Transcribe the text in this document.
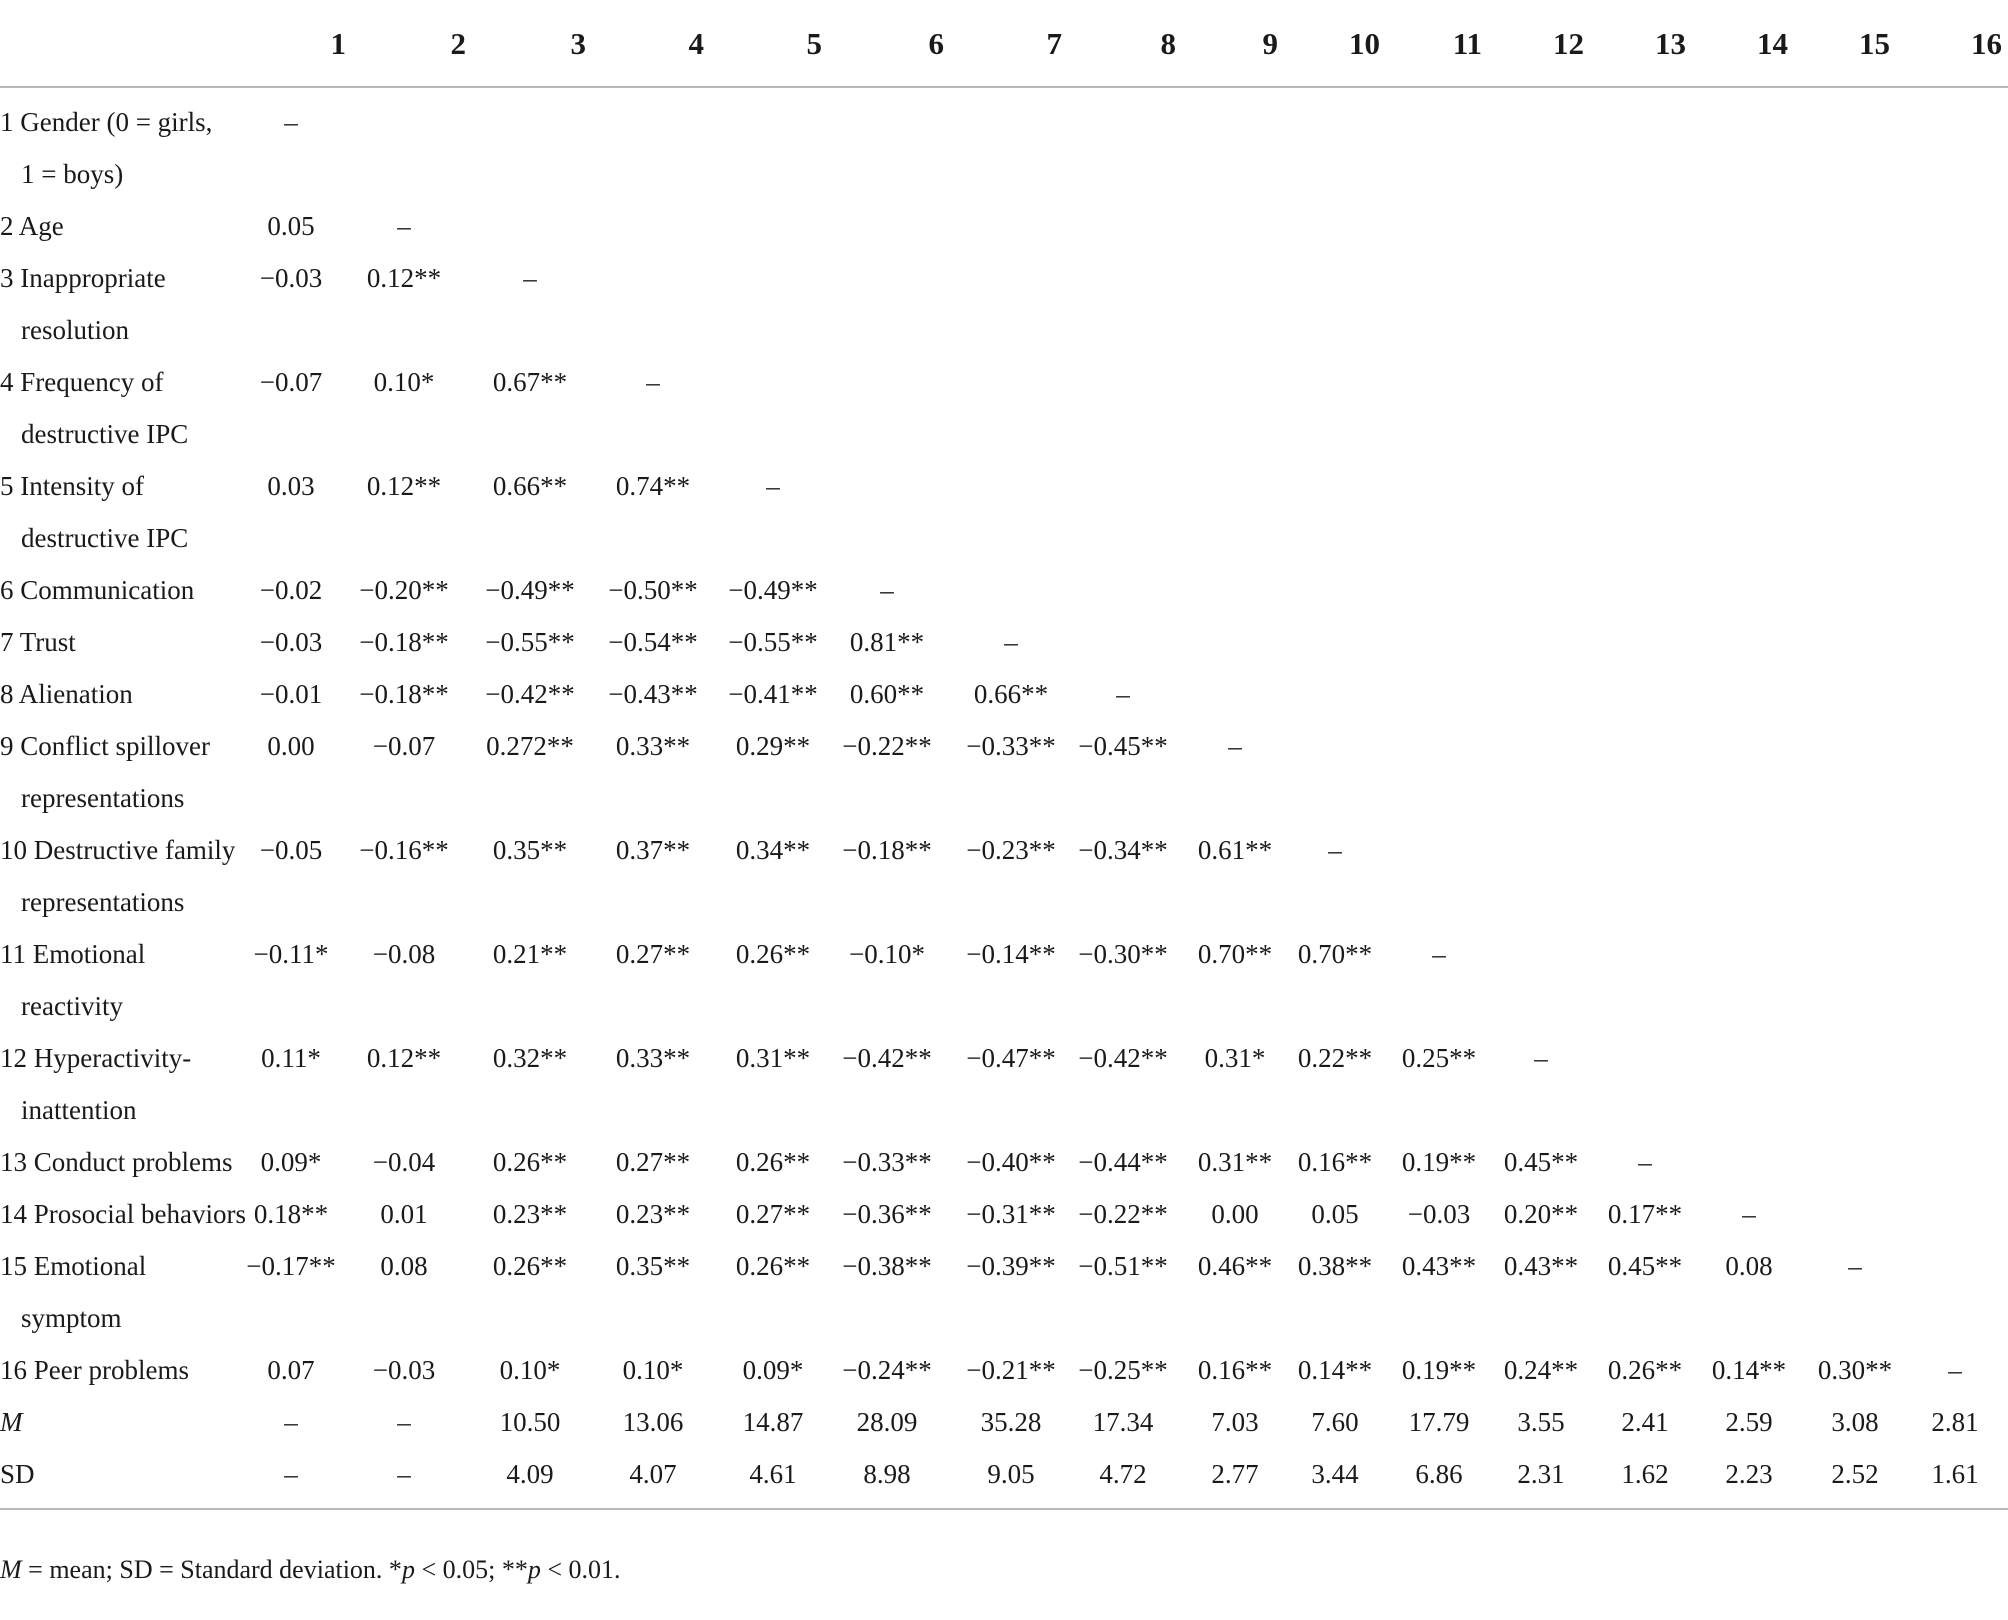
	1	2	3	4	5	6	7	8	9	10	11	12	13	14	15	16

1 Gender (0 = girls,
1 = boys)	–															

2 Age	0.05	–														

3 Inappropriate
resolution	−0.03	0.12**	–													

4 Frequency of
destructive IPC	−0.07	0.10*	0.67**	–												

5 Intensity of
destructive IPC	0.03	0.12**	0.66**	0.74**	–											

6 Communication	−0.02	−0.20**	−0.49**	−0.50**	−0.49**	–										

7 Trust	−0.03	−0.18**	−0.55**	−0.54**	−0.55**	0.81**	–									

8 Alienation	−0.01	−0.18**	−0.42**	−0.43**	−0.41**	0.60**	0.66**	–								

9 Conflict spillover
representations	0.00	−0.07	0.272**	0.33**	0.29**	−0.22**	−0.33**	−0.45**	–							

10 Destructive family
representations	−0.05	−0.16**	0.35**	0.37**	0.34**	−0.18**	−0.23**	−0.34**	0.61**	–						

11 Emotional
reactivity	−0.11*	−0.08	0.21**	0.27**	0.26**	−0.10*	−0.14**	−0.30**	0.70**	0.70**	–					

12 Hyperactivity-
inattention	0.11*	0.12**	0.32**	0.33**	0.31**	−0.42**	−0.47**	−0.42**	0.31*	0.22**	0.25**	–				

13 Conduct problems	0.09*	−0.04	0.26**	0.27**	0.26**	−0.33**	−0.40**	−0.44**	0.31**	0.16**	0.19**	0.45**	–			

14 Prosocial behaviors	0.18**	0.01	0.23**	0.23**	0.27**	−0.36**	−0.31**	−0.22**	0.00	0.05	−0.03	0.20**	0.17**	–		

15 Emotional
symptom	−0.17**	0.08	0.26**	0.35**	0.26**	−0.38**	−0.39**	−0.51**	0.46**	0.38**	0.43**	0.43**	0.45**	0.08	–	

16 Peer problems	0.07	−0.03	0.10*	0.10*	0.09*	−0.24**	−0.21**	−0.25**	0.16**	0.14**	0.19**	0.24**	0.26**	0.14**	0.30**	–

M	–	–	10.50	13.06	14.87	28.09	35.28	17.34	7.03	7.60	17.79	3.55	2.41	2.59	3.08	2.81

SD	–	–	4.09	4.07	4.61	8.98	9.05	4.72	2.77	3.44	6.86	2.31	1.62	2.23	2.52	1.61
M = mean; SD = Standard deviation. *p < 0.05; **p < 0.01.
